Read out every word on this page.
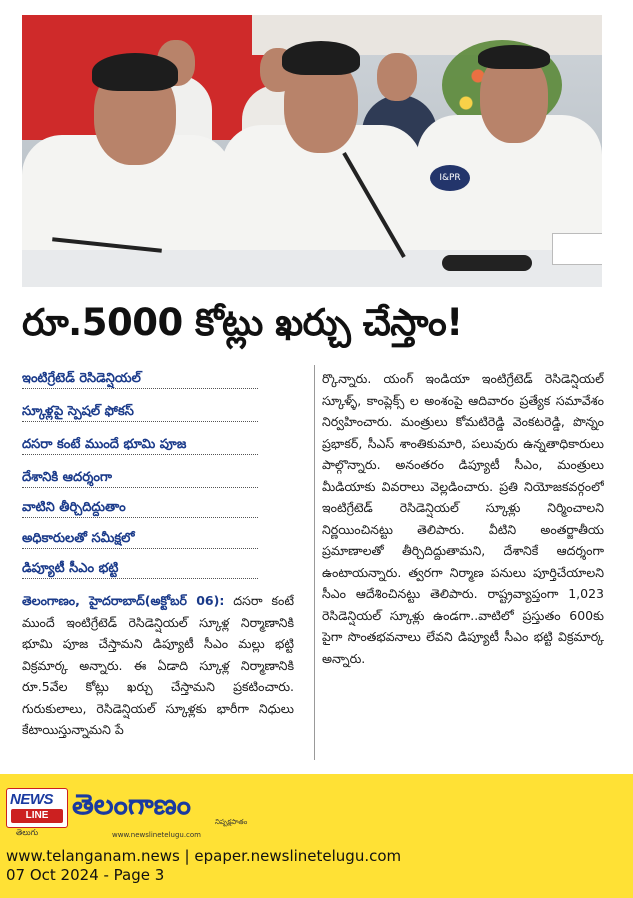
I&PR
రూ.5000 కోట్లు ఖర్చు చేస్తాం!
ఇంటిగ్రేటెడ్ రెసిడెన్షియల్
స్కూళ్లపై స్పెషల్ ఫోకస్
దసరా కంటే ముందే భూమి పూజ
దేశానికి ఆదర్శంగా
వాటిని తీర్చిదిద్దుతాం
అధికారులతో సమీక్షలో
డిప్యూటీ సీఎం భట్టి

తెలంగాణం, హైదరాబాద్(అక్టోబర్ 06): దసరా కంటే ముందే ఇంటిగ్రేటెడ్ రెసిడెన్షియల్ స్కూళ్ల నిర్మాణానికి భూమి పూజ చేస్తామని డిప్యూటీ సీఎం మల్లు భట్టి విక్రమార్క అన్నారు. ఈ ఏడాది స్కూళ్ల నిర్మాణానికి రూ.5వేల కోట్లు ఖర్చు చేస్తామని ప్రకటించారు. గురుకులాలు, రెసిడెన్షియల్ స్కూళ్లకు భారీగా నిధులు కేటాయిస్తున్నామని పే

ర్కొన్నారు. యంగ్ ఇండియా ఇంటిగ్రేటెడ్ రెసిడెన్షియల్ స్కూళ్ళ్, కాంప్లెక్స్ ల అంశంపై ఆదివారం ప్రత్యేక సమావేశం నిర్వహించారు. మంత్రులు కోమటిరెడ్డి వెంకటరెడ్డి, పొన్నం ప్రభాకర్, సీఎస్ శాంతికుమారి, పలువురు ఉన్నతాధికారులు పాల్గొన్నారు. అనంతరం డిప్యూటీ సీఎం, మంత్రులు మీడియాకు వివరాలు వెల్లడించారు. ప్రతి నియోజకవర్గంలో ఇంటిగ్రేటెడ్ రెసిడెన్షియల్ స్కూళ్లు నిర్మించాలని నిర్ణయించినట్టు తెలిపారు. వీటిని అంతర్జాతీయ ప్రమాణాలతో తీర్చిదిద్దుతామని, దేశానికే ఆదర్శంగా ఉంటాయన్నారు. త్వరగా నిర్మాణ పనులు పూర్తిచేయాలని సీఎం ఆదేశించినట్టు తెలిపారు. రాష్ట్రవ్యాప్తంగా 1,023 రెసిడెన్షియల్ స్కూళ్లు ఉండగా..వాటిలో ప్రస్తుతం 600కు పైగా సొంతభవనాలు లేవని డిప్యూటీ సీఎం భట్టి విక్రమార్క అన్నారు.

NEWS
LINE
తెలుగు
తెలంగాణం
నిష్పక్షపాతం
www.newslinetelugu.com
www.telanganam.news | epaper.newslinetelugu.com
07 Oct 2024 - Page 3
